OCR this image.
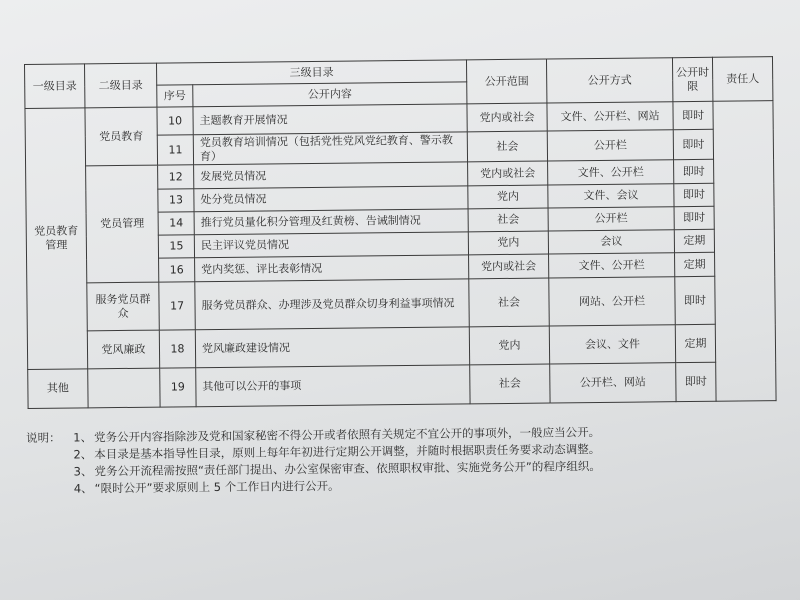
一级目录	二级目录	三级目录		公开范围	公开方式	公开时限	责任人
		序号	公开内容				
党员教育管理	党员教育	10	主题教育开展情况	党内或社会	文件、公开栏、网站	即时	
		11	党员教育培训情况（包括党性党风党纪教育、警示教育）	社会	公开栏	即时	
	党员管理	12	发展党员情况	党内或社会	文件、公开栏	即时	
		13	处分党员情况	党内	文件、会议	即时	
		14	推行党员量化积分管理及红黄榜、告诫制情况	社会	公开栏	即时	
		15	民主评议党员情况	党内	会议	定期	
		16	党内奖惩、评比表彰情况	党内或社会	文件、公开栏	定期	
	服务党员群众	17	服务党员群众、办理涉及党员群众切身利益事项情况	社会	网站、公开栏	即时	
	党风廉政	18	党风廉政建设情况	党内	会议、文件	定期	
其他		19	其他可以公开的事项	社会	公开栏、网站	即时	
说明： 1、 党务公开内容指除涉及党和国家秘密不得公开或者依照有关规定不宜公开的事项外，一般应当公开。
2、 本目录是基本指导性目录，原则上每年年初进行定期公开调整，并随时根据职责任务要求动态调整。
3、 党务公开流程需按照“责任部门提出、办公室保密审查、依照职权审批、实施党务公开”的程序组织。
4、 “限时公开”要求原则上 5 个工作日内进行公开。
